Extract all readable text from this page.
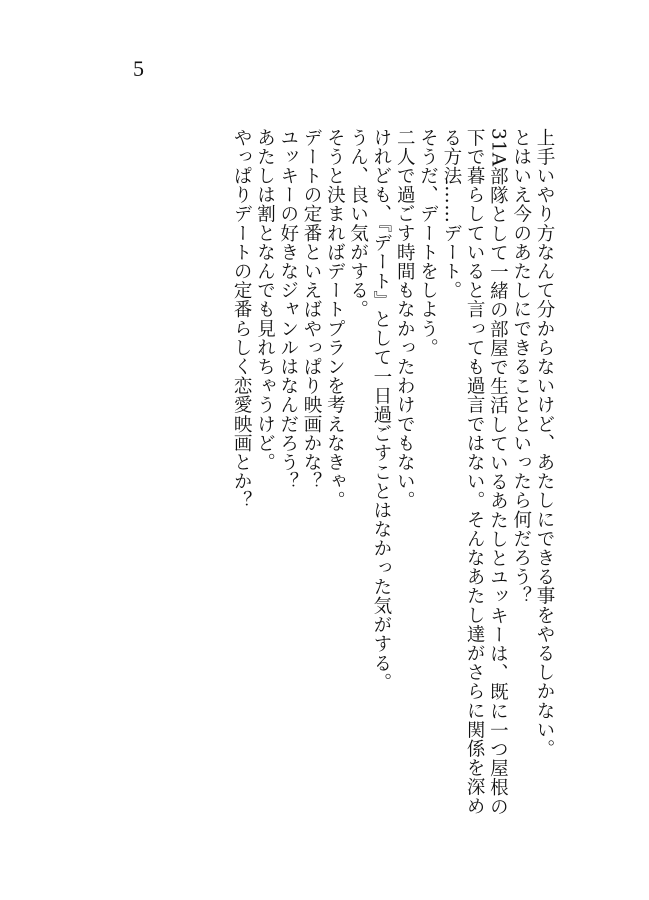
5

上手いやり方なんて分からないけど、あたしにできる事をやるしかない。

とはいえ今のあたしにできることといったら何だろう？

31A部隊として一緒の部屋で生活しているあたしとユッキーは、既に一つ屋根の下で暮らしていると言っても過言ではない。そんなあたし達がさらに関係を深める方法……デート。

そうだ、デートをしよう。

二人で過ごす時間もなかったわけでもない。

けれども、『デート』として一日過ごすことはなかった気がする。

うん、良い気がする。

そうと決まればデートプランを考えなきゃ。

デートの定番といえばやっぱり映画かな？

ユッキーの好きなジャンルはなんだろう？

あたしは割となんでも見れちゃうけど。

やっぱりデートの定番らしく恋愛映画とか？
